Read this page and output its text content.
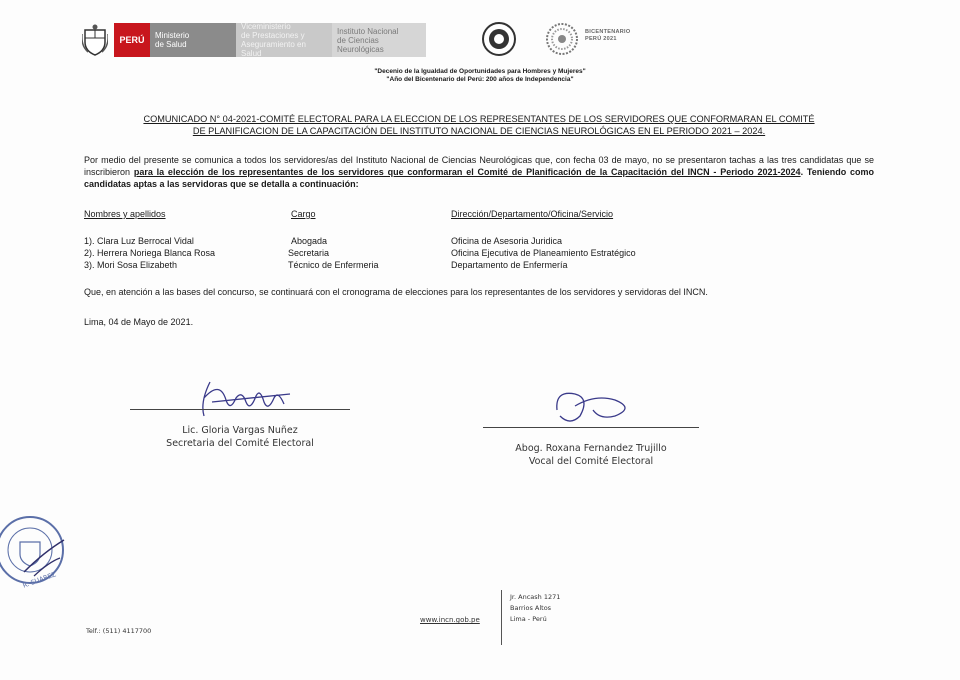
PERÚ	Ministerio
de Salud
Viceministerio
de Prestaciones y
Aseguramiento en Salud
Instituto Nacional
de Ciencias Neurológicas
BICENTENARIO
PERÚ 2021
"Decenio de la Igualdad de Oportunidades para Hombres y Mujeres"
"Año del Bicentenario del Perú: 200 años de Independencia"
COMUNICADO N° 04-2021-COMITÉ ELECTORAL PARA LA ELECCION DE LOS REPRESENTANTES DE LOS SERVIDORES QUE CONFORMARAN EL COMITÉ
DE PLANIFICACION DE LA CAPACITACIÓN DEL INSTITUTO NACIONAL DE CIENCIAS NEUROLÓGICAS EN EL PERIODO 2021 – 2024.
Por medio del presente se comunica a todos los servidores/as del Instituto Nacional de Ciencias Neurológicas que, con fecha 03 de mayo, no se presentaron tachas a las tres candidatas que se inscribieron para la elección de los representantes de los servidores que conformaran el Comité de Planificación de la Capacitación del INCN - Periodo 2021-2024. Teniendo como candidatas aptas a las servidoras que se detalla a continuación:
Nombres y apellidos	Cargo	Dirección/Departamento/Oficina/Servicio
1). Clara Luz Berrocal Vidal	Abogada	Oficina de Asesoria Juridica
2). Herrera Noriega Blanca Rosa	Secretaria	Oficina Ejecutiva de Planeamiento Estratégico
3). Mori Sosa Elizabeth	Técnico de Enfermeria	Departamento de Enfermería
Que, en atención a las bases del concurso, se continuará con el cronograma de elecciones para los representantes de los servidores y servidoras del INCN.
Lima, 04 de Mayo de 2021.
Lic. Gloria Vargas Nuñez
Secretaria del Comité Electoral	Abog. Roxana Fernandez Trujillo
Vocal del Comité Electoral
R. SUAREZ
Telf.: (511) 4117700
www.incn.gob.pe
Jr. Ancash 1271
Barrios Altos
Lima - Perú
